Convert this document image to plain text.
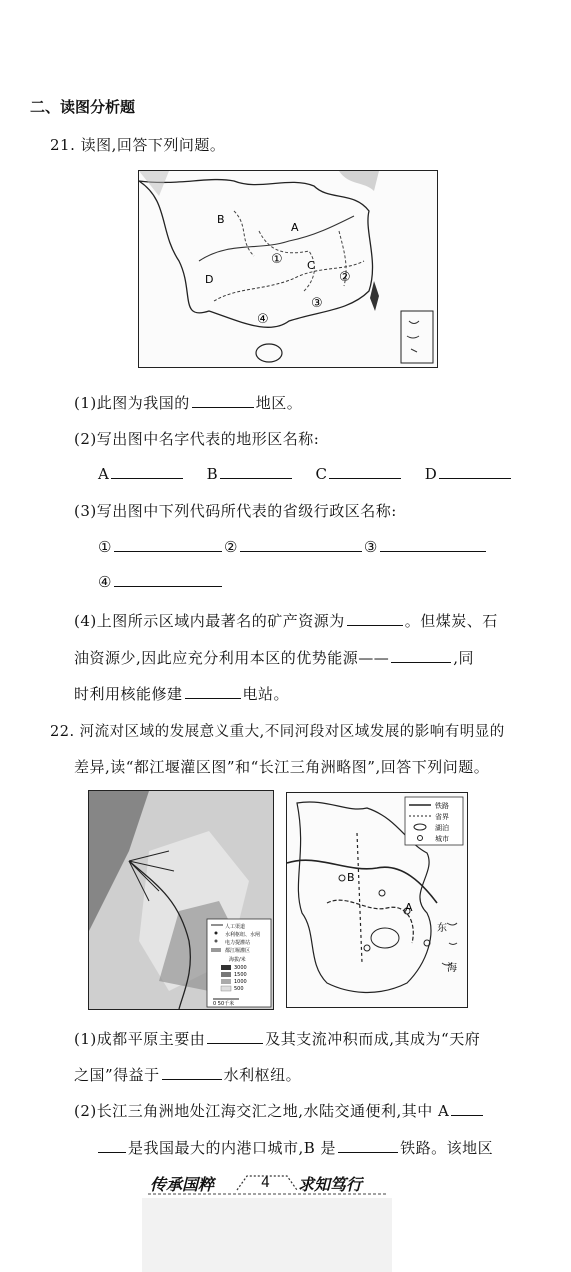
二、读图分析题
21. 读图,回答下列问题。
B
A
① C
②
D
③
④
(1)此图为我国的	地区。
(2)写出图中名字代表的地形区名称:
A	B	C	D
(3)写出图中下列代码所代表的省级行政区名称:
①	②	③
④
(4)上图所示区域内最著名的矿产资源为	。但煤炭、石
油资源少,因此应充分利用本区的优势能源——	,同
时利用核能修建	电站。
22. 河流对区域的发展意义重大,不同河段对区域发展的影响有明显的
差异,读“都江堰灌区图”和“长江三角洲略图”,回答下列问题。
人工渠道
水利枢纽、水闸
电力提灌站
都江堰灌区
海拔/米
3000
1500
1000
500
0 50千米
铁路
省界
湖泊
城市
A
B
东
海
(1)成都平原主要由	及其支流冲积而成,其成为“天府
之国”得益于	水利枢纽。
(2)长江三角洲地处江海交汇之地,水陆交通便利,其中 A
是我国最大的内港口城市,B 是	铁路。该地区
传承国粹	4 求知笃行
